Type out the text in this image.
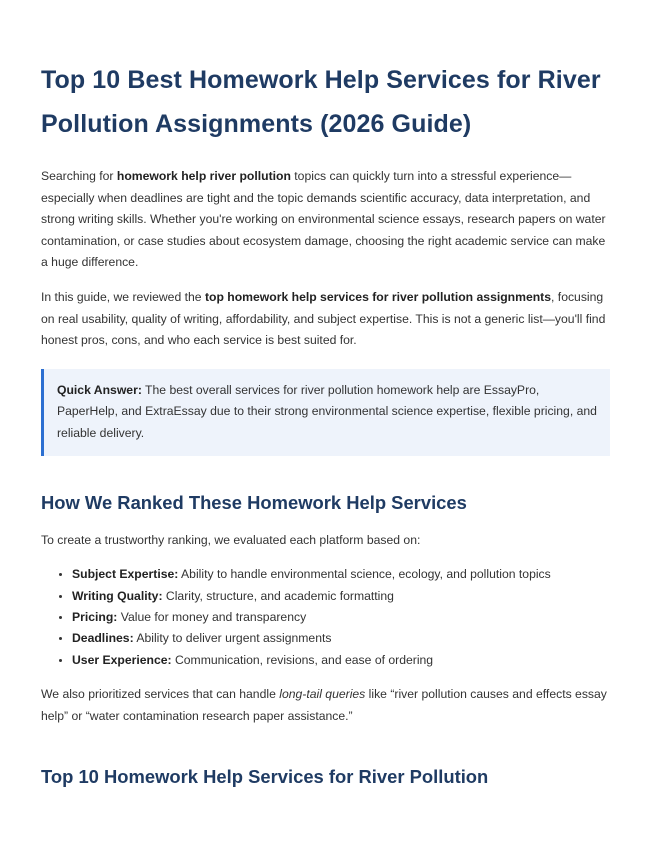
Top 10 Best Homework Help Services for River Pollution Assignments (2026 Guide)

Searching for homework help river pollution topics can quickly turn into a stressful experience—especially when deadlines are tight and the topic demands scientific accuracy, data interpretation, and strong writing skills. Whether you're working on environmental science essays, research papers on water contamination, or case studies about ecosystem damage, choosing the right academic service can make a huge difference.

In this guide, we reviewed the top homework help services for river pollution assignments, focusing on real usability, quality of writing, affordability, and subject expertise. This is not a generic list—you'll find honest pros, cons, and who each service is best suited for.

Quick Answer: The best overall services for river pollution homework help are EssayPro, PaperHelp, and ExtraEssay due to their strong environmental science expertise, flexible pricing, and reliable delivery.

How We Ranked These Homework Help Services

To create a trustworthy ranking, we evaluated each platform based on:

• Subject Expertise: Ability to handle environmental science, ecology, and pollution topics
• Writing Quality: Clarity, structure, and academic formatting
• Pricing: Value for money and transparency
• Deadlines: Ability to deliver urgent assignments
• User Experience: Communication, revisions, and ease of ordering

We also prioritized services that can handle long-tail queries like “river pollution causes and effects essay help” or “water contamination research paper assistance.”

Top 10 Homework Help Services for River Pollution
